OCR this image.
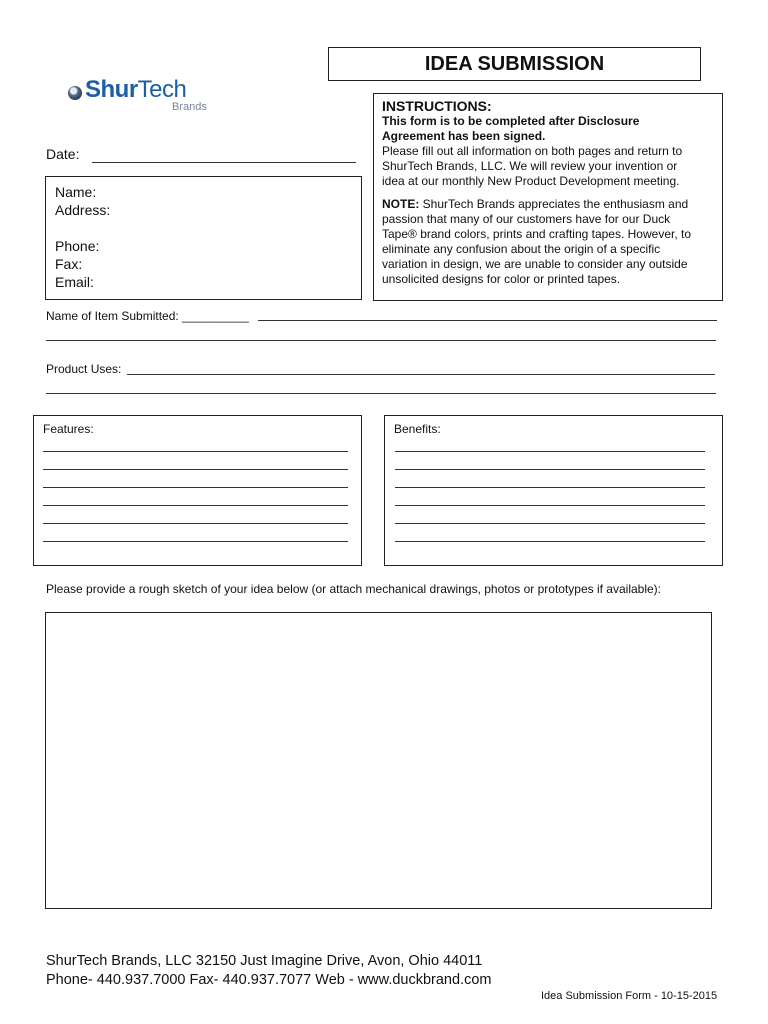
ShurTech
Brands
IDEA SUBMISSION
INSTRUCTIONS:
This form is to be completed after Disclosure
Agreement has been signed.
Please fill out all information on both pages and return to
ShurTech Brands, LLC. We will review your invention or
idea at our monthly New Product Development meeting.
NOTE: ShurTech Brands appreciates the enthusiasm and
passion that many of our customers have for our Duck
Tape® brand colors, prints and crafting tapes. However, to
eliminate any confusion about the origin of a specific
variation in design, we are unable to consider any outside
unsolicited designs for color or printed tapes.
Date:
Name:
Address:
Phone:
Fax:
Email:
Name of Item Submitted: __________
Product Uses:
Features:	Benefits:
Please provide a rough sketch of your idea below (or attach mechanical drawings, photos or prototypes if available):
ShurTech Brands, LLC 32150 Just Imagine Drive, Avon, Ohio 44011
Phone- 440.937.7000 Fax- 440.937.7077 Web - www.duckbrand.com
Idea Submission Form - 10-15-2015
